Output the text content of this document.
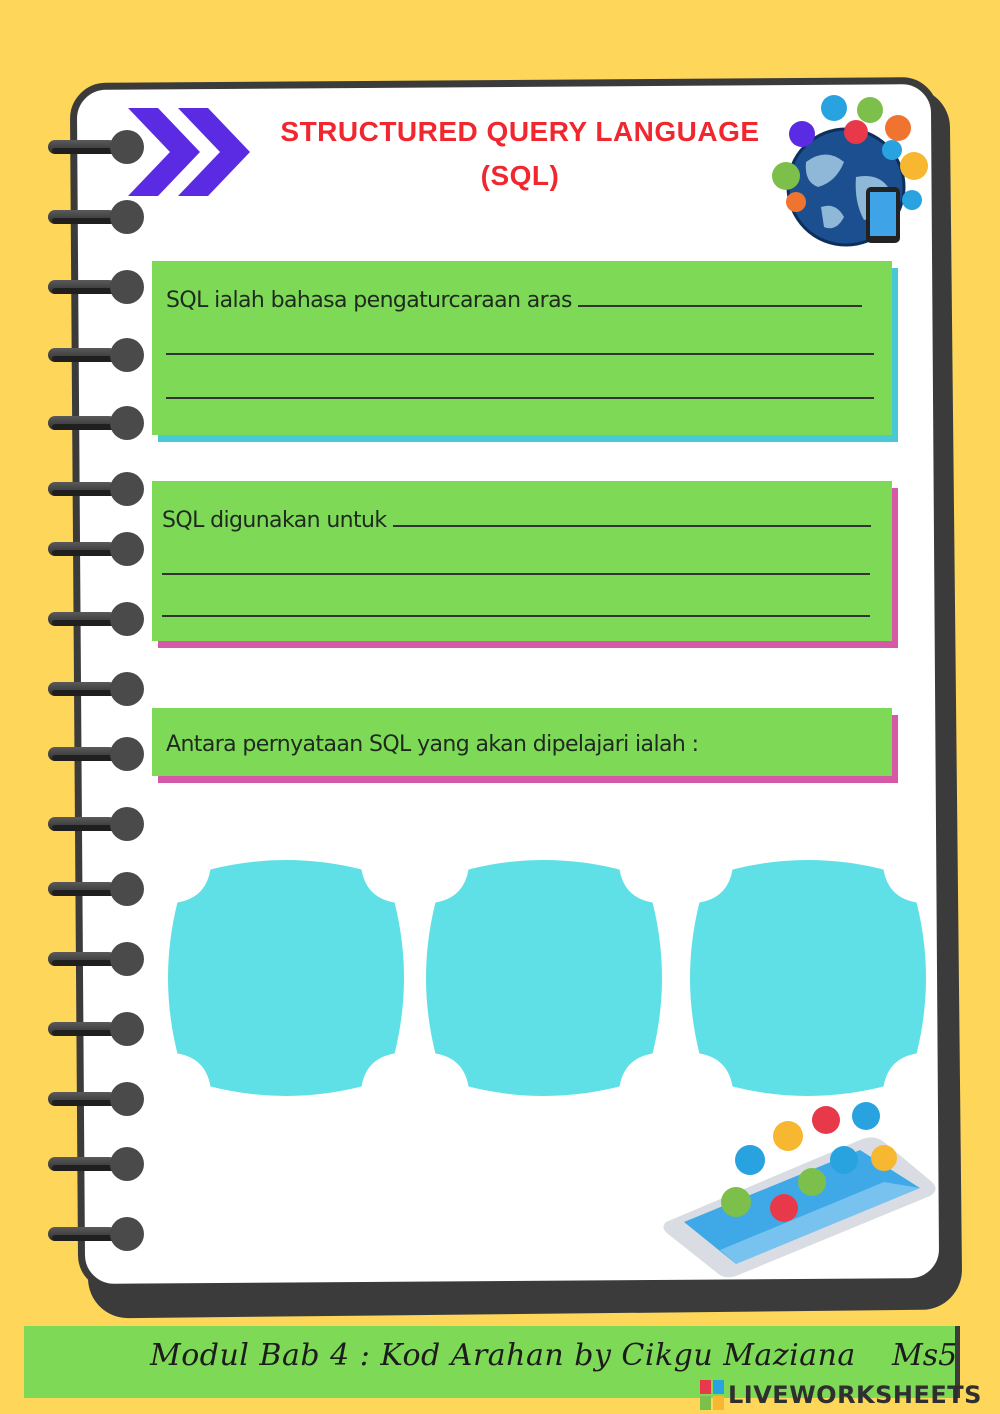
STRUCTURED QUERY LANGUAGE
(SQL)
SQL ialah bahasa pengaturcaraan aras
SQL digunakan untuk
Antara pernyataan SQL yang akan dipelajari ialah :
Modul Bab 4 : Kod Arahan by Cikgu Maziana Ms5
LIVEWORKSHEETS
